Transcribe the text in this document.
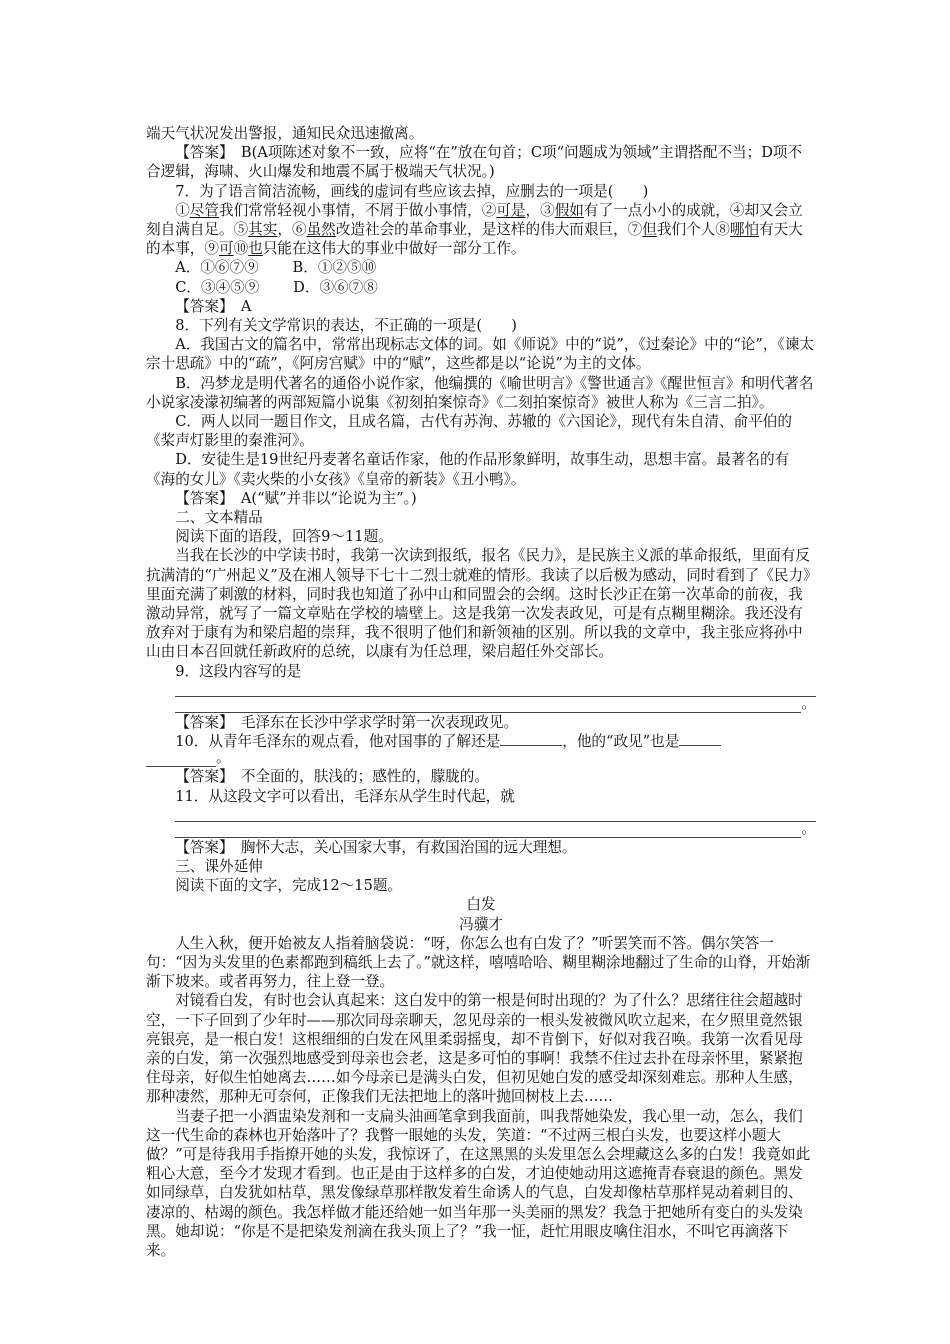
端天气状况发出警报，通知民众迅速撤离。

【答案】　B(A项陈述对象不一致，应将“在”放在句首；C项“问题成为领域”主谓搭配不当；D项不合逻辑，海啸、火山爆发和地震不属于极端天气状况。)

7．为了语言简洁流畅，画线的虚词有些应该去掉，应删去的一项是(　　)

①尽管我们常常轻视小事情，不屑于做小事情，②可是，③假如有了一点小小的成就，④却又会立刻自满自足。⑤其实，⑥虽然改造社会的革命事业，是这样的伟大而艰巨，⑦但我们个人⑧哪怕有天大的本事，⑨可⑩也只能在这伟大的事业中做好一部分工作。

A．①⑥⑦⑨　　 B．①②⑤⑩

C．③④⑤⑨　　 D．③⑥⑦⑧

【答案】　A

8．下列有关文学常识的表达，不正确的一项是(　　)

A．我国古文的篇名中，常常出现标志文体的词。如《师说》中的“说”，《过秦论》中的“论”，《谏太宗十思疏》中的“疏”，《阿房宫赋》中的“赋”，这些都是以“论说”为主的文体。

B．冯梦龙是明代著名的通俗小说作家，他编撰的《喻世明言》《警世通言》《醒世恒言》和明代著名小说家凌濛初编著的两部短篇小说集《初刻拍案惊奇》《二刻拍案惊奇》被世人称为《三言二拍》。

C．两人以同一题目作文，且成名篇，古代有苏洵、苏辙的《六国论》，现代有朱自清、俞平伯的《桨声灯影里的秦淮河》。

D．安徒生是19世纪丹麦著名童话作家，他的作品形象鲜明，故事生动，思想丰富。最著名的有《海的女儿》《卖火柴的小女孩》《皇帝的新装》《丑小鸭》。

【答案】　A(“赋”并非以“论说为主”。)

二、文本精品

阅读下面的语段，回答9～11题。

当我在长沙的中学读书时，我第一次读到报纸，报名《民力》，是民族主义派的革命报纸，里面有反抗满清的“广州起义”及在湘人领导下七十二烈士就难的情形。我读了以后极为感动，同时看到了《民力》里面充满了刺激的材料，同时我也知道了孙中山和同盟会的会纲。这时长沙正在第一次革命的前夜，我激动异常，就写了一篇文章贴在学校的墙壁上。这是我第一次发表政见，可是有点糊里糊涂。我还没有放弃对于康有为和梁启超的崇拜，我不很明了他们和新领袖的区别。所以我的文章中，我主张应将孙中山由日本召回就任新政府的总统，以康有为任总理，梁启超任外交部长。

9．这段内容写的是

。

【答案】　毛泽东在长沙中学求学时第一次表现政见。

10．从青年毛泽东的观点看，他对国事的了解还是	，他的“政见”也是

。

【答案】　不全面的，肤浅的；感性的，朦胧的。

11．从这段文字可以看出，毛泽东从学生时代起，就

。

【答案】　胸怀大志，关心国家大事，有救国治国的远大理想。

三、课外延伸

阅读下面的文字，完成12～15题。

白发

冯骥才

人生入秋，便开始被友人指着脑袋说：“呀，你怎么也有白发了？”听罢笑而不答。偶尔笑答一句：“因为头发里的色素都跑到稿纸上去了。”就这样，嘻嘻哈哈、糊里糊涂地翻过了生命的山脊，开始渐渐下坡来。或者再努力，往上登一登。

对镜看白发，有时也会认真起来：这白发中的第一根是何时出现的？为了什么？思绪往往会超越时空，一下子回到了少年时——那次同母亲聊天，忽见母亲的一根头发被微风吹立起来，在夕照里竟然银亮银亮，是一根白发！这根细细的白发在风里柔弱摇曳，却不肯倒下，好似对我召唤。我第一次看见母亲的白发，第一次强烈地感受到母亲也会老，这是多可怕的事啊！我禁不住过去扑在母亲怀里，紧紧抱住母亲，好似生怕她离去……如今母亲已是满头白发，但初见她白发的感受却深刻难忘。那种人生感，那种凄然，那种无可奈何，正像我们无法把地上的落叶抛回树枝上去……

当妻子把一小酒盅染发剂和一支扁头油画笔拿到我面前，叫我帮她染发，我心里一动，怎么，我们这一代生命的森林也开始落叶了？我瞥一眼她的头发，笑道：“不过两三根白头发，也要这样小题大做？”可是待我用手指撩开她的头发，我惊讶了，在这黑黑的头发里怎么会埋藏这么多的白发！我竟如此粗心大意，至今才发现才看到。也正是由于这样多的白发，才迫使她动用这遮掩青春衰退的颜色。黑发如同绿草，白发犹如枯草，黑发像绿草那样散发着生命诱人的气息，白发却像枯草那样晃动着刺目的、凄凉的、枯竭的颜色。我怎样做才能还给她一如当年那一头美丽的黑发？我急于把她所有变白的头发染黑。她却说：“你是不是把染发剂滴在我头顶上了？”我一怔，赶忙用眼皮噙住泪水，不叫它再滴落下来。
